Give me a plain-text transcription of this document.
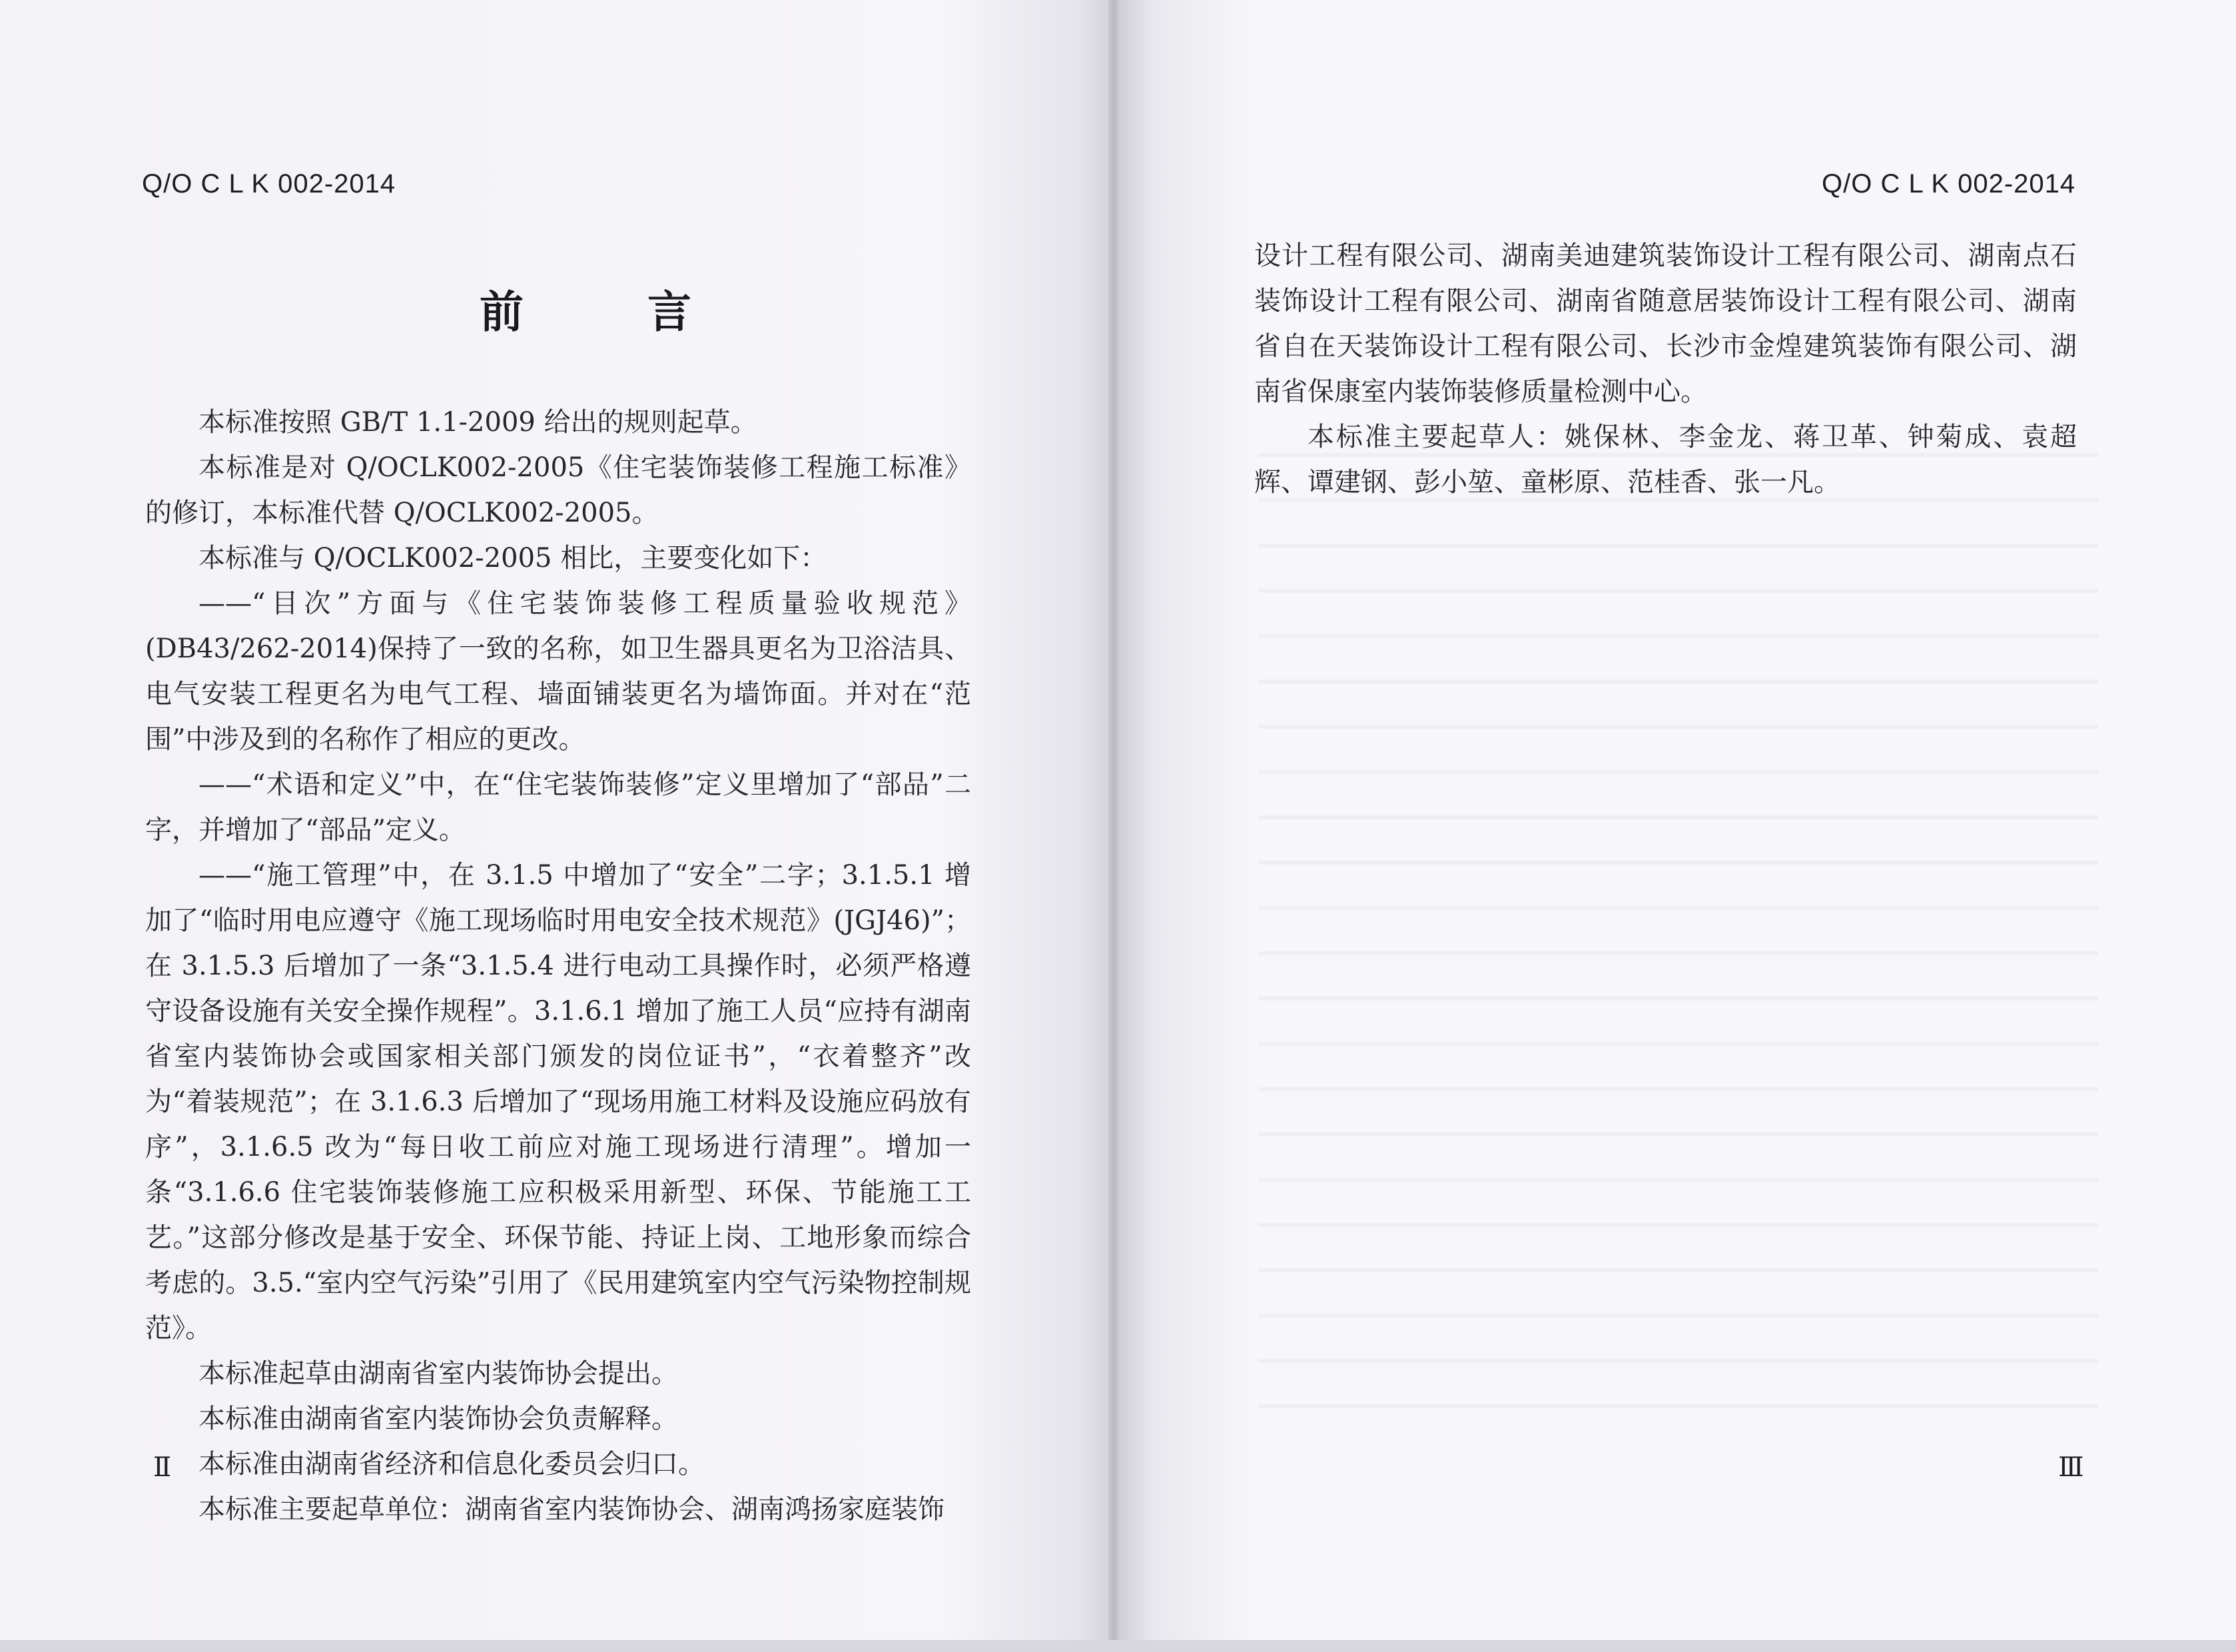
Q/O C L K 002-2014
前　言

本标准按照 GB/T 1.1-2009 给出的规则起草。

本标准是对 Q/OCLK002-2005《住宅装饰装修工程施工标准》的修订，本标准代替 Q/OCLK002-2005。

本标准与 Q/OCLK002-2005 相比，主要变化如下：

——“目次”方面与《住宅装饰装修工程质量验收规范》(DB43/262-2014)保持了一致的名称，如卫生器具更名为卫浴洁具、电气安装工程更名为电气工程、墙面铺装更名为墙饰面。并对在“范围”中涉及到的名称作了相应的更改。

——“术语和定义”中，在“住宅装饰装修”定义里增加了“部品”二字，并增加了“部品”定义。

——“施工管理”中，在 3.1.5 中增加了“安全”二字；3.1.5.1 增加了“临时用电应遵守《施工现场临时用电安全技术规范》(JGJ46)”；在 3.1.5.3 后增加了一条“3.1.5.4 进行电动工具操作时，必须严格遵守设备设施有关安全操作规程”。3.1.6.1 增加了施工人员“应持有湖南省室内装饰协会或国家相关部门颁发的岗位证书”，“衣着整齐”改为“着装规范”；在 3.1.6.3 后增加了“现场用施工材料及设施应码放有序”，3.1.6.5 改为“每日收工前应对施工现场进行清理”。增加一条“3.1.6.6 住宅装饰装修施工应积极采用新型、环保、节能施工工艺。”这部分修改是基于安全、环保节能、持证上岗、工地形象而综合考虑的。3.5.“室内空气污染”引用了《民用建筑室内空气污染物控制规范》。

本标准起草由湖南省室内装饰协会提出。

本标准由湖南省室内装饰协会负责解释。

本标准由湖南省经济和信息化委员会归口。

本标准主要起草单位：湖南省室内装饰协会、湖南鸿扬家庭装饰

Ⅱ
Q/O C L K 002-2014

设计工程有限公司、湖南美迪建筑装饰设计工程有限公司、湖南点石装饰设计工程有限公司、湖南省随意居装饰设计工程有限公司、湖南省自在天装饰设计工程有限公司、长沙市金煌建筑装饰有限公司、湖南省保康室内装饰装修质量检测中心。

本标准主要起草人：姚保林、李金龙、蒋卫革、钟菊成、袁超辉、谭建钢、彭小堃、童彬原、范桂香、张一凡。

Ⅲ
